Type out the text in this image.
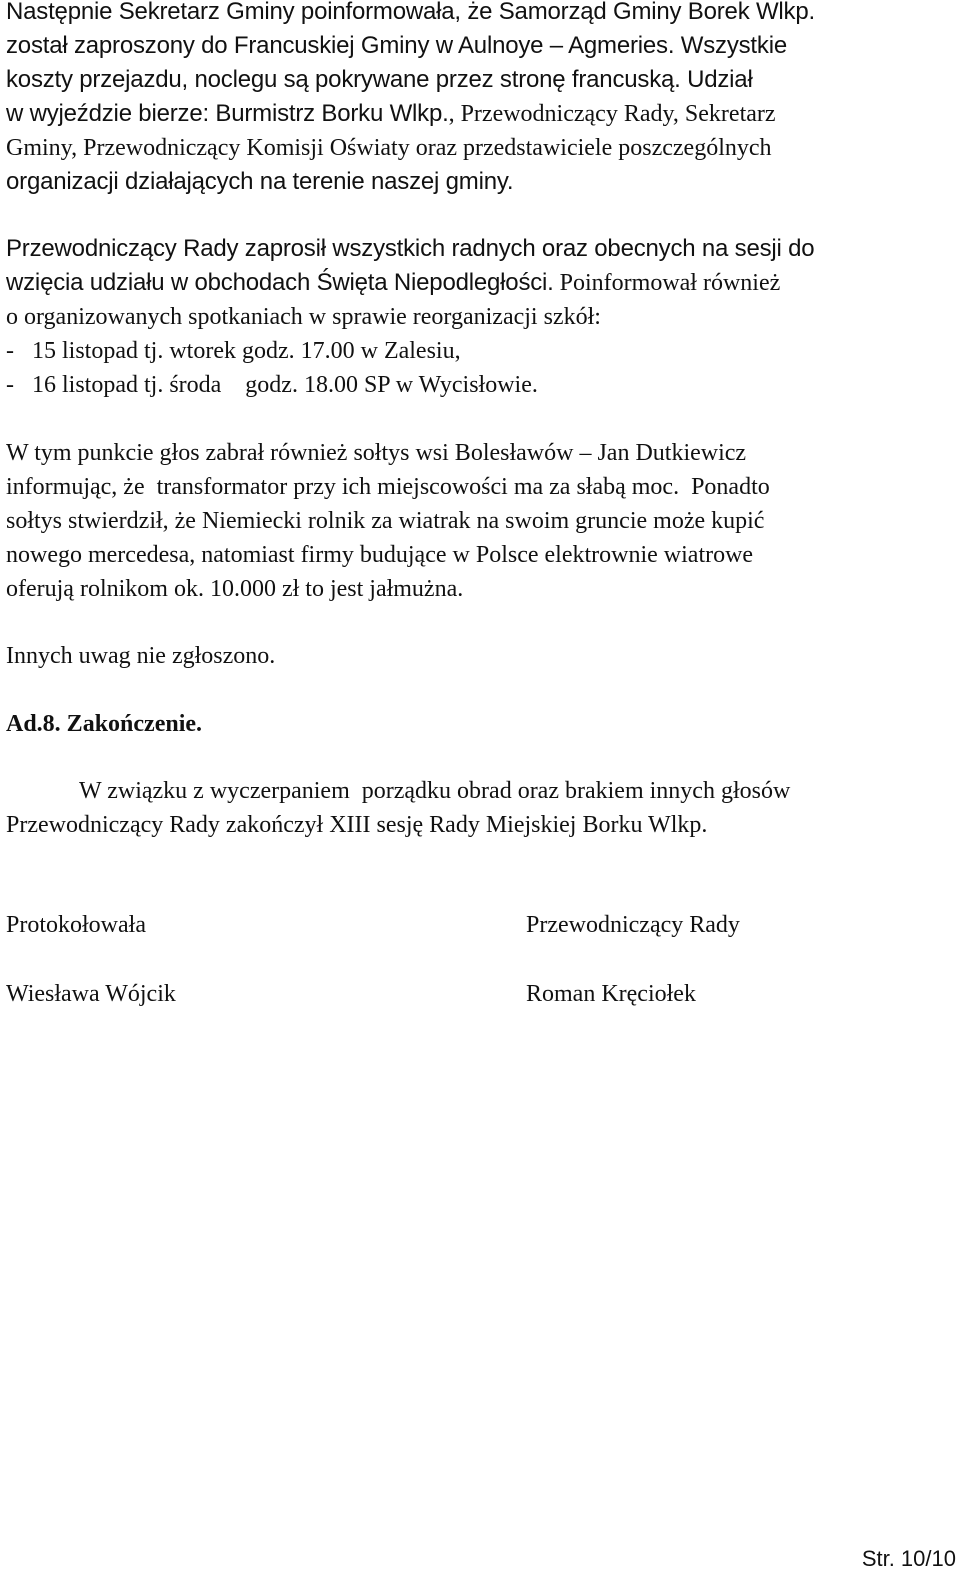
Następnie Sekretarz Gminy poinformowała, że Samorząd Gminy Borek Wlkp.
został zaproszony do Francuskiej Gminy w Aulnoye – Agmeries. Wszystkie
koszty przejazdu, noclegu są pokrywane przez stronę francuską. Udział
w wyjeździe bierze: Burmistrz Borku Wlkp., Przewodniczący Rady, Sekretarz
Gminy, Przewodniczący Komisji Oświaty oraz przedstawiciele poszczególnych
organizacji działających na terenie naszej gminy.
Przewodniczący Rady zaprosił wszystkich radnych oraz obecnych na sesji do
wzięcia udziału w obchodach Święta Niepodległości. Poinformował również
o organizowanych spotkaniach w sprawie reorganizacji szkół:
-   15 listopad tj. wtorek godz. 17.00 w Zalesiu,
-   16 listopad tj. środa    godz. 18.00 SP w Wycisłowie.
W tym punkcie głos zabrał również sołtys wsi Bolesławów – Jan Dutkiewicz
informując, że  transformator przy ich miejscowości ma za słabą moc.  Ponadto
sołtys stwierdził, że Niemiecki rolnik za wiatrak na swoim gruncie może kupić
nowego mercedesa, natomiast firmy budujące w Polsce elektrownie wiatrowe
oferują rolnikom ok. 10.000 zł to jest jałmużna.
Innych uwag nie zgłoszono.
Ad.8. Zakończenie.
W związku z wyczerpaniem  porządku obrad oraz brakiem innych głosów
Przewodniczący Rady zakończył XIII sesję Rady Miejskiej Borku Wlkp.
Protokołowała
Wiesława Wójcik
Przewodniczący Rady
Roman Kręciołek
Str. 10/10
